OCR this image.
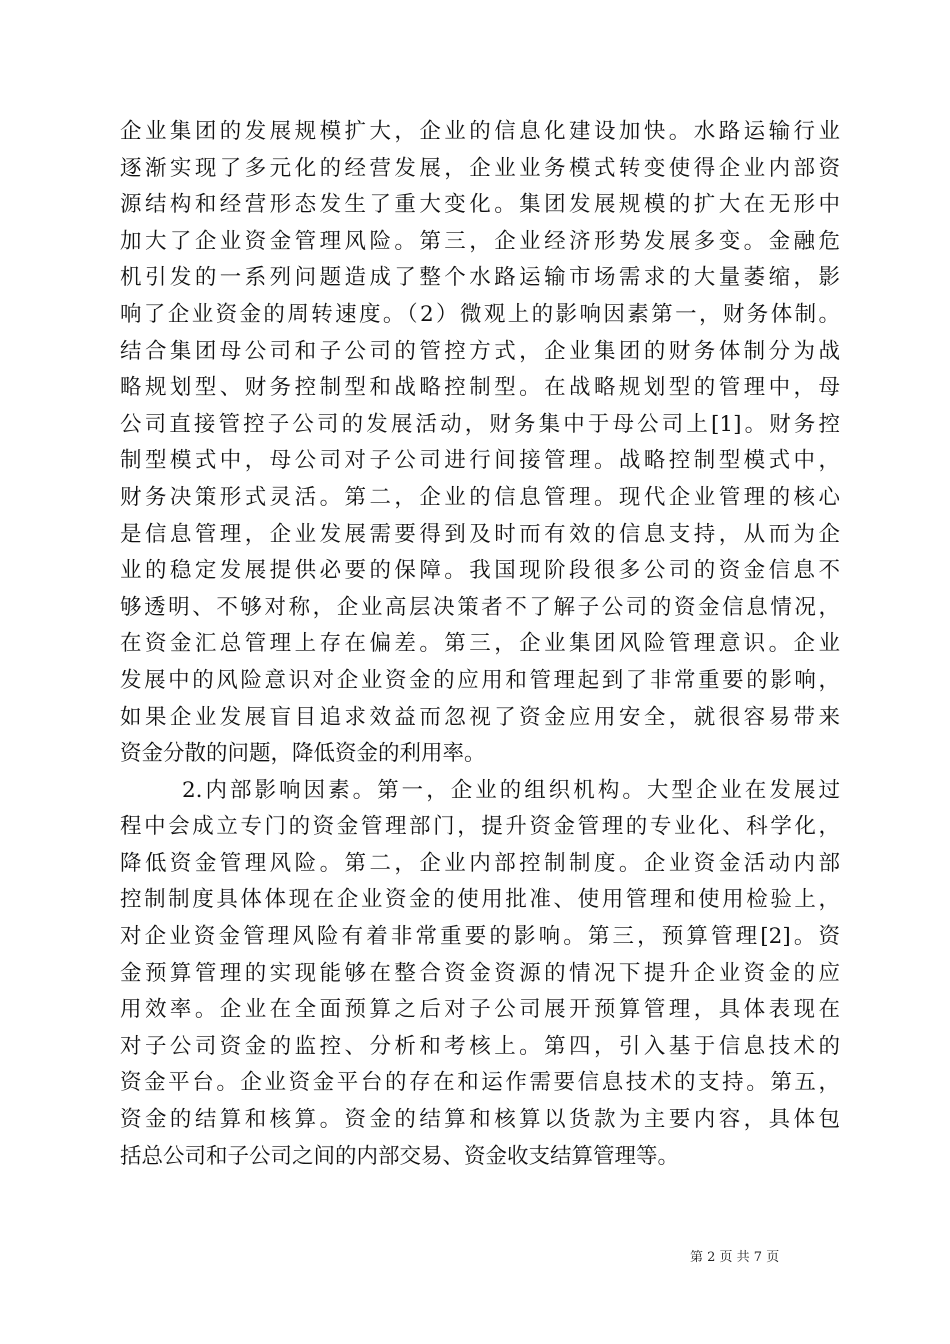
企业集团的发展规模扩大，企业的信息化建设加快。水路运输行业
逐渐实现了多元化的经营发展，企业业务模式转变使得企业内部资
源结构和经营形态发生了重大变化。集团发展规模的扩大在无形中
加大了企业资金管理风险。第三，企业经济形势发展多变。金融危
机引发的一系列问题造成了整个水路运输市场需求的大量萎缩，影
响了企业资金的周转速度。（2）微观上的影响因素第一，财务体制。
结合集团母公司和子公司的管控方式，企业集团的财务体制分为战
略规划型、财务控制型和战略控制型。在战略规划型的管理中，母
公司直接管控子公司的发展活动，财务集中于母公司上[1]。财务控
制型模式中，母公司对子公司进行间接管理。战略控制型模式中，
财务决策形式灵活。第二，企业的信息管理。现代企业管理的核心
是信息管理，企业发展需要得到及时而有效的信息支持，从而为企
业的稳定发展提供必要的保障。我国现阶段很多公司的资金信息不
够透明、不够对称，企业高层决策者不了解子公司的资金信息情况，
在资金汇总管理上存在偏差。第三，企业集团风险管理意识。企业
发展中的风险意识对企业资金的应用和管理起到了非常重要的影响，
如果企业发展盲目追求效益而忽视了资金应用安全，就很容易带来
资金分散的问题，降低资金的利用率。
2.内部影响因素。第一，企业的组织机构。大型企业在发展过
程中会成立专门的资金管理部门，提升资金管理的专业化、科学化，
降低资金管理风险。第二，企业内部控制制度。企业资金活动内部
控制制度具体体现在企业资金的使用批准、使用管理和使用检验上，
对企业资金管理风险有着非常重要的影响。第三，预算管理[2]。资
金预算管理的实现能够在整合资金资源的情况下提升企业资金的应
用效率。企业在全面预算之后对子公司展开预算管理，具体表现在
对子公司资金的监控、分析和考核上。第四，引入基于信息技术的
资金平台。企业资金平台的存在和运作需要信息技术的支持。第五，
资金的结算和核算。资金的结算和核算以货款为主要内容，具体包
括总公司和子公司之间的内部交易、资金收支结算管理等。
第 2 页 共 7 页
